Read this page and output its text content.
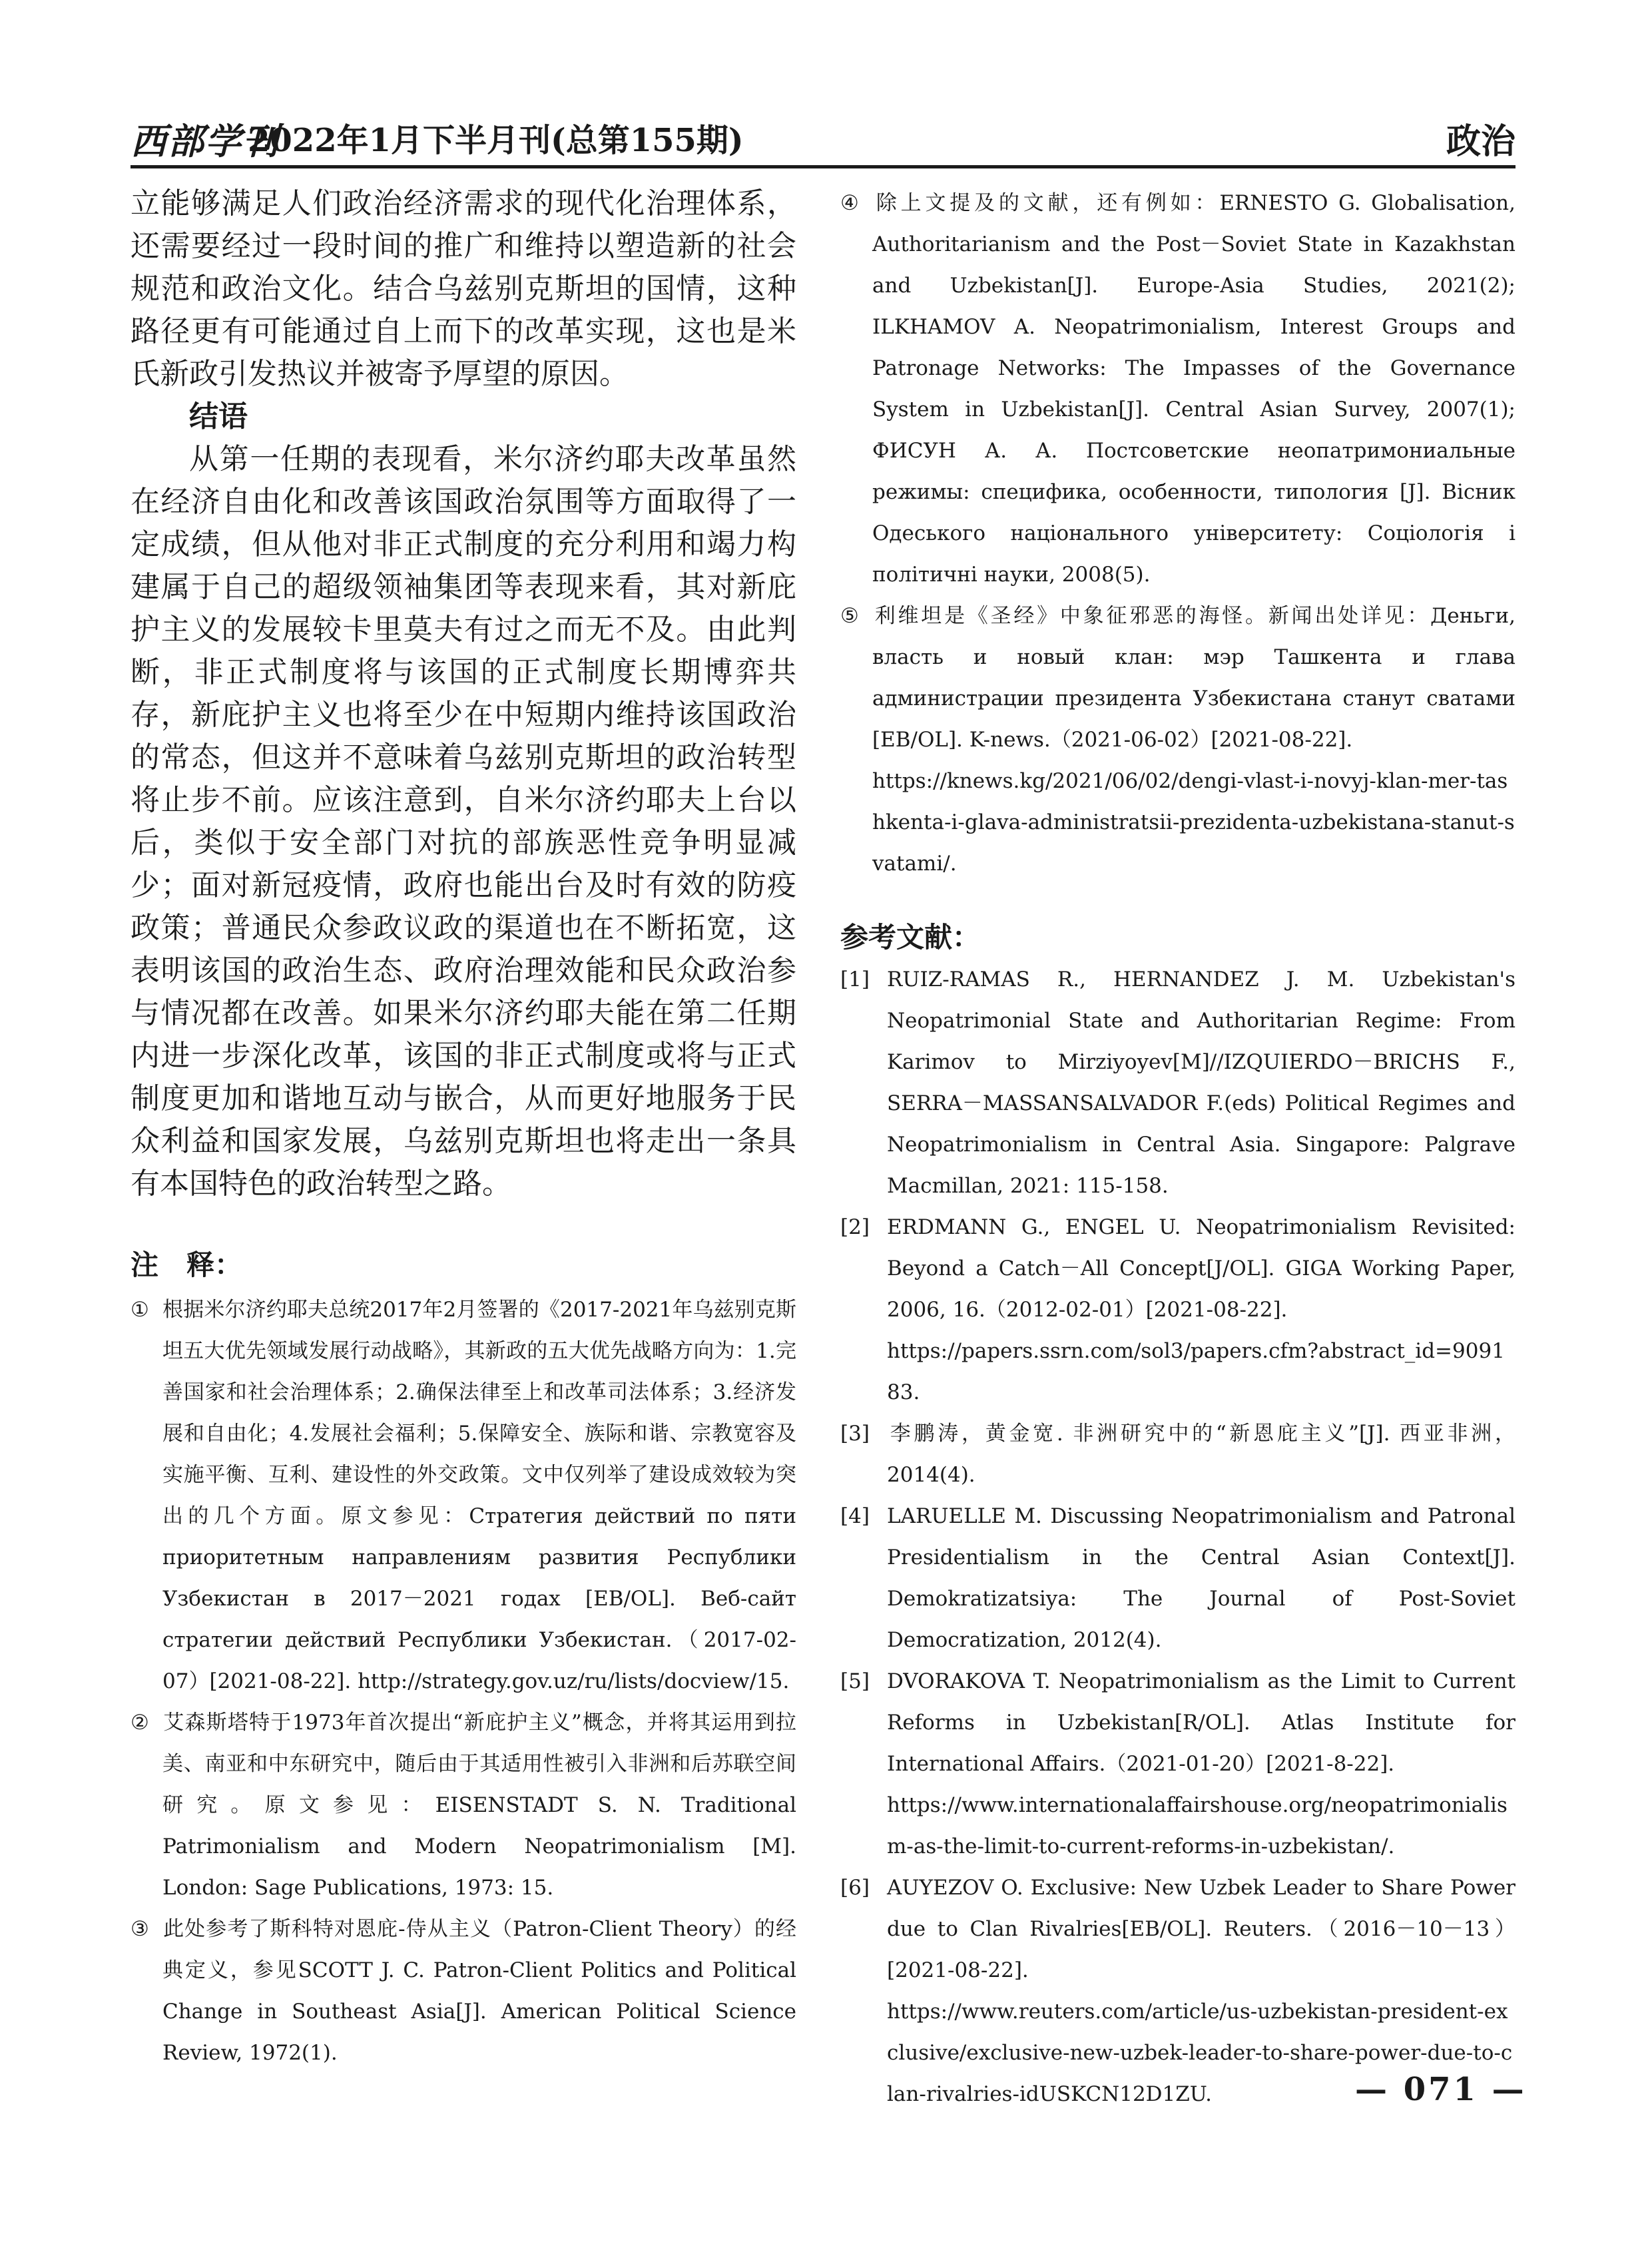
西部学刊
2022年1月下半月刊(总第155期)	政治

立能够满足人们政治经济需求的现代化治理体系，还需要经过一段时间的推广和维持以塑造新的社会规范和政治文化。结合乌兹别克斯坦的国情，这种路径更有可能通过自上而下的改革实现，这也是米氏新政引发热议并被寄予厚望的原因。

结语

从第一任期的表现看，米尔济约耶夫改革虽然在经济自由化和改善该国政治氛围等方面取得了一定成绩，但从他对非正式制度的充分利用和竭力构建属于自己的超级领袖集团等表现来看，其对新庇护主义的发展较卡里莫夫有过之而无不及。由此判断，非正式制度将与该国的正式制度长期博弈共存，新庇护主义也将至少在中短期内维持该国政治的常态，但这并不意味着乌兹别克斯坦的政治转型将止步不前。应该注意到，自米尔济约耶夫上台以后，类似于安全部门对抗的部族恶性竞争明显减少；面对新冠疫情，政府也能出台及时有效的防疫政策；普通民众参政议政的渠道也在不断拓宽，这表明该国的政治生态、政府治理效能和民众政治参与情况都在改善。如果米尔济约耶夫能在第二任期内进一步深化改革，该国的非正式制度或将与正式制度更加和谐地互动与嵌合，从而更好地服务于民众利益和国家发展，乌兹别克斯坦也将走出一条具有本国特色的政治转型之路。

注　释：

① 根据米尔济约耶夫总统2017年2月签署的《2017-2021年乌兹别克斯坦五大优先领域发展行动战略》，其新政的五大优先战略方向为：1.完善国家和社会治理体系；2.确保法律至上和改革司法体系；3.经济发展和自由化；4.发展社会福利；5.保障安全、族际和谐、宗教宽容及实施平衡、互利、建设性的外交政策。文中仅列举了建设成效较为突出的几个方面。原文参见：Стратегия действий по пяти приоритетным направлениям развития Республики Узбекистан в 2017－2021 годах [EB/OL]. Веб-сайт стратегии действий Республики Узбекистан.（2017-02-07）[2021-08-22]. http://strategy.gov.uz/ru/lists/docview/15.

② 艾森斯塔特于1973年首次提出“新庇护主义”概念，并将其运用到拉美、南亚和中东研究中，随后由于其适用性被引入非洲和后苏联空间研究。原文参见：EISENSTADT S. N. Traditional Patrimonialism and Modern Neopatrimonialism [M]. London: Sage Publications, 1973: 15.

③ 此处参考了斯科特对恩庇-侍从主义（Patron-Client Theory）的经典定义，参见SCOTT J. C. Patron-Client Politics and Political Change in Southeast Asia[J]. American Political Science Review, 1972(1).

④ 除上文提及的文献，还有例如：ERNESTO G. Globalisation, Authoritarianism and the Post－Soviet State in Kazakhstan and Uzbekistan[J]. Europe-Asia Studies, 2021(2); ILKHAMOV A. Neopatrimonialism, Interest Groups and Patronage Networks: The Impasses of the Governance System in Uzbekistan[J]. Central Asian Survey, 2007(1); ФИСУН А. А. Постсоветские неопатримониальные режимы: специфика, особенности, типология [J]. Вісник Одеського національного університету: Соціологія і політичні науки, 2008(5).

⑤ 利维坦是《圣经》中象征邪恶的海怪。新闻出处详见：Деньги, власть и новый клан: мэр Ташкента и глава администрации президента Узбекистана станут сватами [EB/OL]. K-news.（2021-06-02）[2021-08-22].
https://knews.kg/2021/06/02/dengi-vlast-i-novyj-klan-mer-tashkenta-i-glava-administratsii-prezidenta-uzbekistana-stanut-svatami/.

参考文献：

[1] RUIZ-RAMAS R., HERNANDEZ J. M. Uzbekistan's Neopatrimonial State and Authoritarian Regime: From Karimov to Mirziyoyev[M]//IZQUIERDO－BRICHS F., SERRA－MASSANSALVADOR F.(eds) Political Regimes and Neopatrimonialism in Central Asia. Singapore: Palgrave Macmillan, 2021: 115-158.

[2] ERDMANN G., ENGEL U. Neopatrimonialism Revisited: Beyond a Catch－All Concept[J/OL]. GIGA Working Paper, 2006, 16.（2012-02-01）[2021-08-22].
https://papers.ssrn.com/sol3/papers.cfm?abstract_id=909183.

[3] 李鹏涛，黄金宽. 非洲研究中的“新恩庇主义”[J]. 西亚非洲，2014(4).

[4] LARUELLE M. Discussing Neopatrimonialism and Patronal Presidentialism in the Central Asian Context[J]. Demokratizatsiya: The Journal of Post-Soviet Democratization, 2012(4).

[5] DVORAKOVA T. Neopatrimonialism as the Limit to Current Reforms in Uzbekistan[R/OL]. Atlas Institute for International Affairs.（2021-01-20）[2021-8-22].
https://www.internationalaffairshouse.org/neopatrimonialism-as-the-limit-to-current-reforms-in-uzbekistan/.

[6] AUYEZOV O. Exclusive: New Uzbek Leader to Share Power due to Clan Rivalries[EB/OL]. Reuters.（2016－10－13）[2021-08-22].
https://www.reuters.com/article/us-uzbekistan-president-exclusive/exclusive-new-uzbek-leader-to-share-power-due-to-clan-rivalries-idUSKCN12D1ZU.	— 071 —
